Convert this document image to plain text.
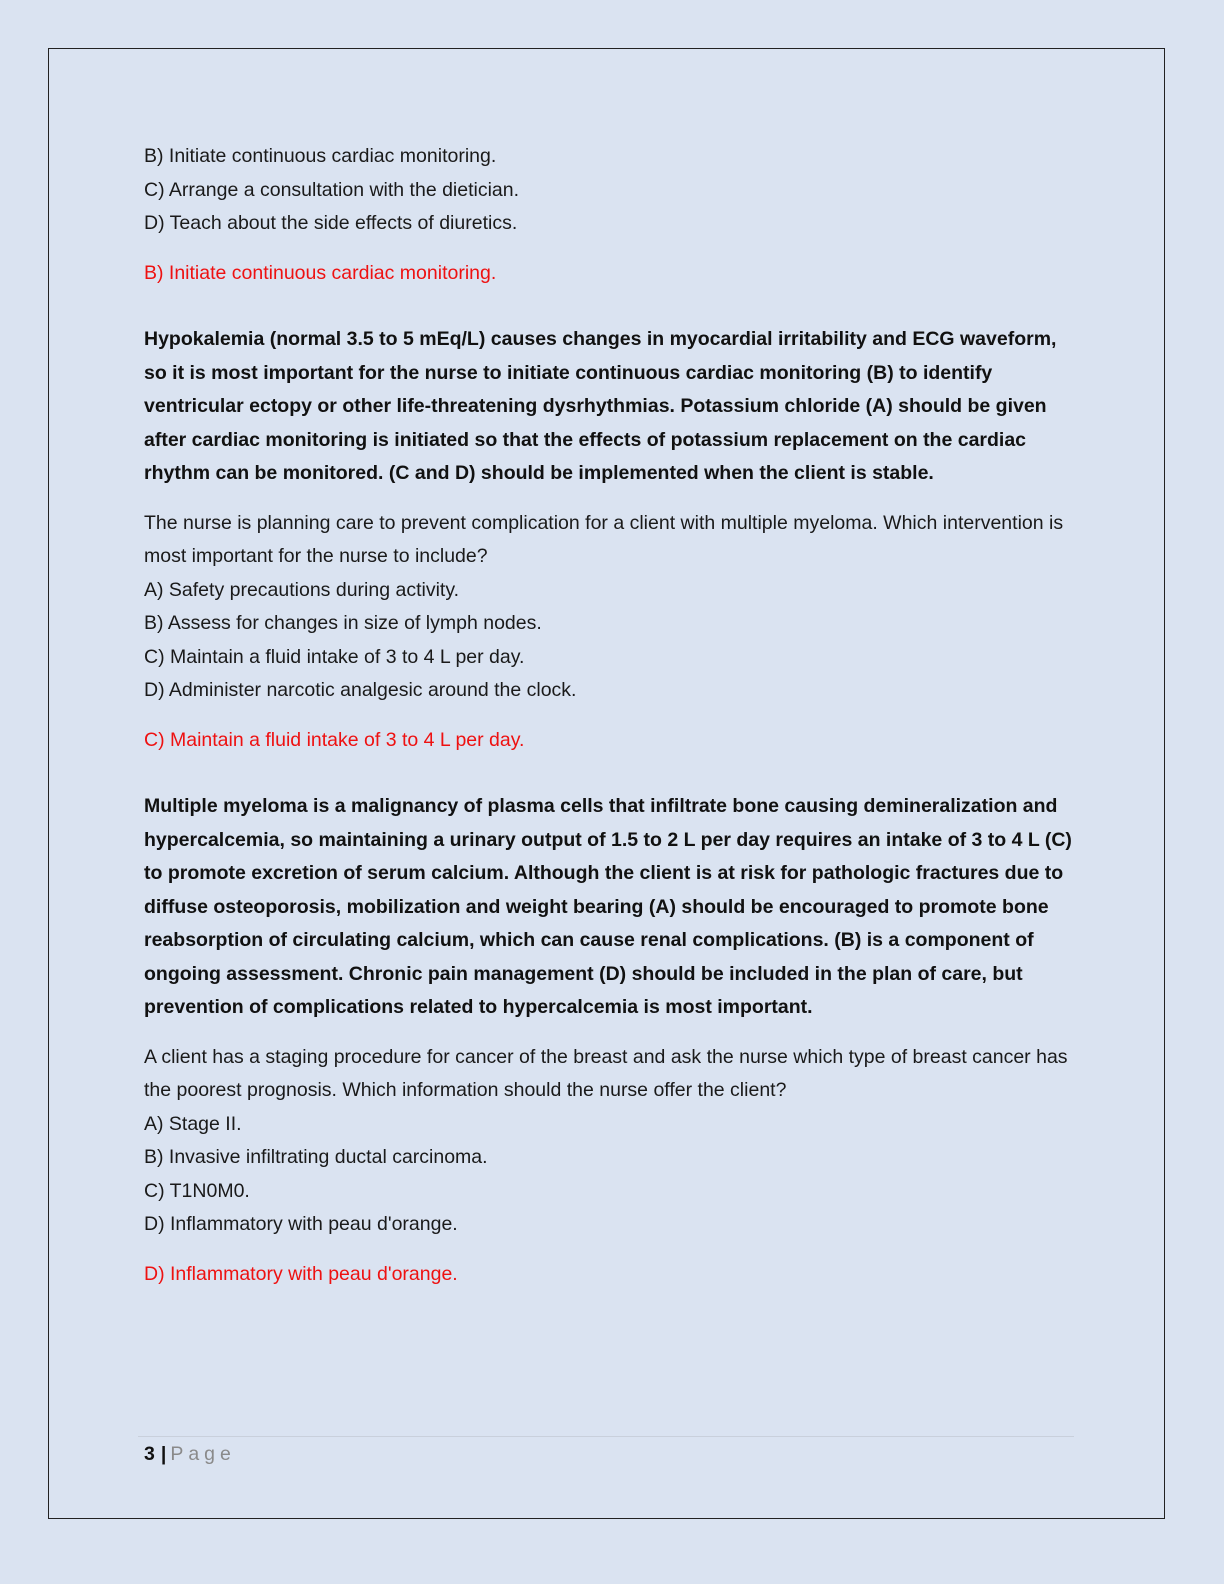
B) Initiate continuous cardiac monitoring.

C) Arrange a consultation with the dietician.

D) Teach about the side effects of diuretics.

B) Initiate continuous cardiac monitoring.

Hypokalemia (normal 3.5 to 5 mEq/L) causes changes in myocardial irritability and ECG waveform, so it is most important for the nurse to initiate continuous cardiac monitoring (B) to identify ventricular ectopy or other life-threatening dysrhythmias. Potassium chloride (A) should be given after cardiac monitoring is initiated so that the effects of potassium replacement on the cardiac rhythm can be monitored. (C and D) should be implemented when the client is stable.

The nurse is planning care to prevent complication for a client with multiple myeloma. Which intervention is most important for the nurse to include?

A) Safety precautions during activity.

B) Assess for changes in size of lymph nodes.

C) Maintain a fluid intake of 3 to 4 L per day.

D) Administer narcotic analgesic around the clock.

C) Maintain a fluid intake of 3 to 4 L per day.

Multiple myeloma is a malignancy of plasma cells that infiltrate bone causing demineralization and hypercalcemia, so maintaining a urinary output of 1.5 to 2 L per day requires an intake of 3 to 4 L (C) to promote excretion of serum calcium. Although the client is at risk for pathologic fractures due to diffuse osteoporosis, mobilization and weight bearing (A) should be encouraged to promote bone reabsorption of circulating calcium, which can cause renal complications. (B) is a component of ongoing assessment. Chronic pain management (D) should be included in the plan of care, but prevention of complications related to hypercalcemia is most important.

A client has a staging procedure for cancer of the breast and ask the nurse which type of breast cancer has the poorest prognosis. Which information should the nurse offer the client?

A) Stage II.

B) Invasive infiltrating ductal carcinoma.

C) T1N0M0.

D) Inflammatory with peau d'orange.

D) Inflammatory with peau d'orange.

3 | Page
